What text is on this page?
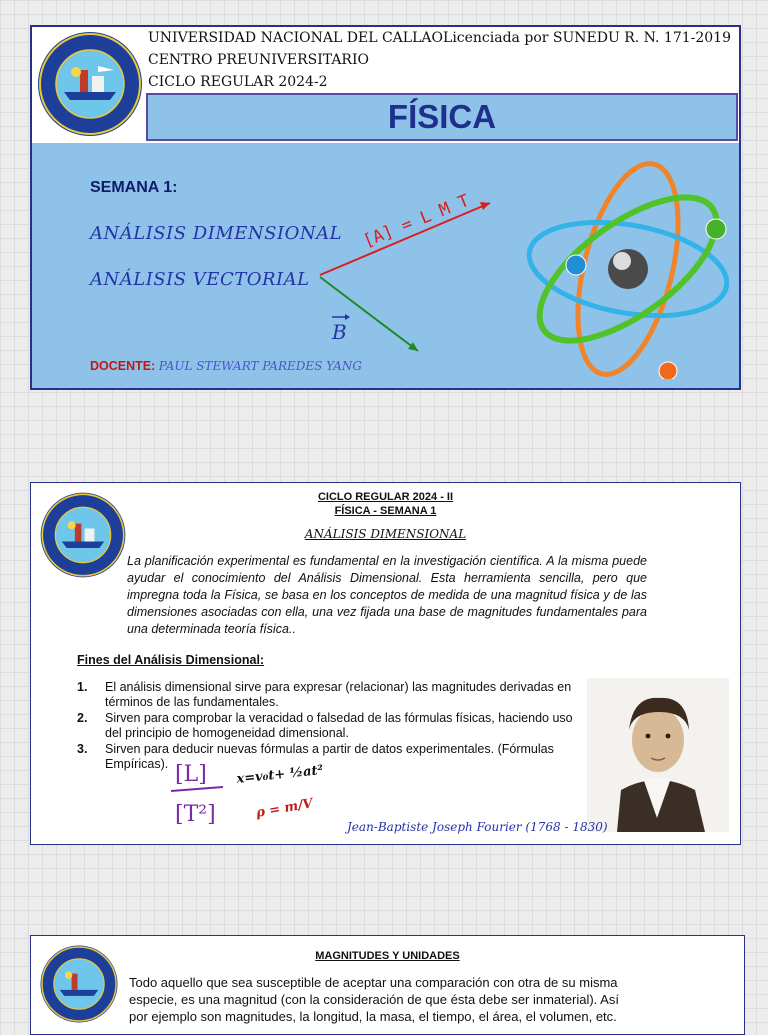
UNIVERSIDAD NACIONAL DEL CALLAO
CENTRO PREUNIVERSITARIO
CICLO REGULAR 2024-2
Licenciada por SUNEDU R. N. 171-2019
FÍSICA
SEMANA 1:
ANÁLISIS DIMENSIONAL
ANÁLISIS VECTORIAL
[A] = L M T
B
DOCENTE: PAUL STEWART PAREDES YANG
CICLO REGULAR 2024 - II
FÍSICA - SEMANA 1
ANÁLISIS DIMENSIONAL
La planificación experimental es fundamental en la investigación científica. A la misma puede ayudar el conocimiento del Análisis Dimensional. Esta herramienta sencilla, pero que impregna toda la Física, se basa en los conceptos de medida de una magnitud física y de las dimensiones asociadas con ella, una vez fijada una base de magnitudes fundamentales para una determinada teoría física..
Fines del Análisis Dimensional:
1.	El análisis dimensional sirve para expresar (relacionar) las magnitudes derivadas en términos de las fundamentales.
2.	Sirven para comprobar la veracidad o falsedad de las fórmulas físicas, haciendo uso del principio de homogeneidad dimensional.
3.	Sirven para deducir nuevas fórmulas a partir de datos experimentales. (Fórmulas Empíricas). [L]
[T²]
x=v₀t+ ½at²
ρ = m/V
Jean-Baptiste Joseph Fourier (1768 - 1830)
MAGNITUDES Y UNIDADES
Todo aquello que sea susceptible de aceptar una comparación con otra de su misma especie, es una magnitud (con la consideración de que ésta debe ser inmaterial). Así por ejemplo son magnitudes, la longitud, la masa, el tiempo, el área, el volumen, etc.
